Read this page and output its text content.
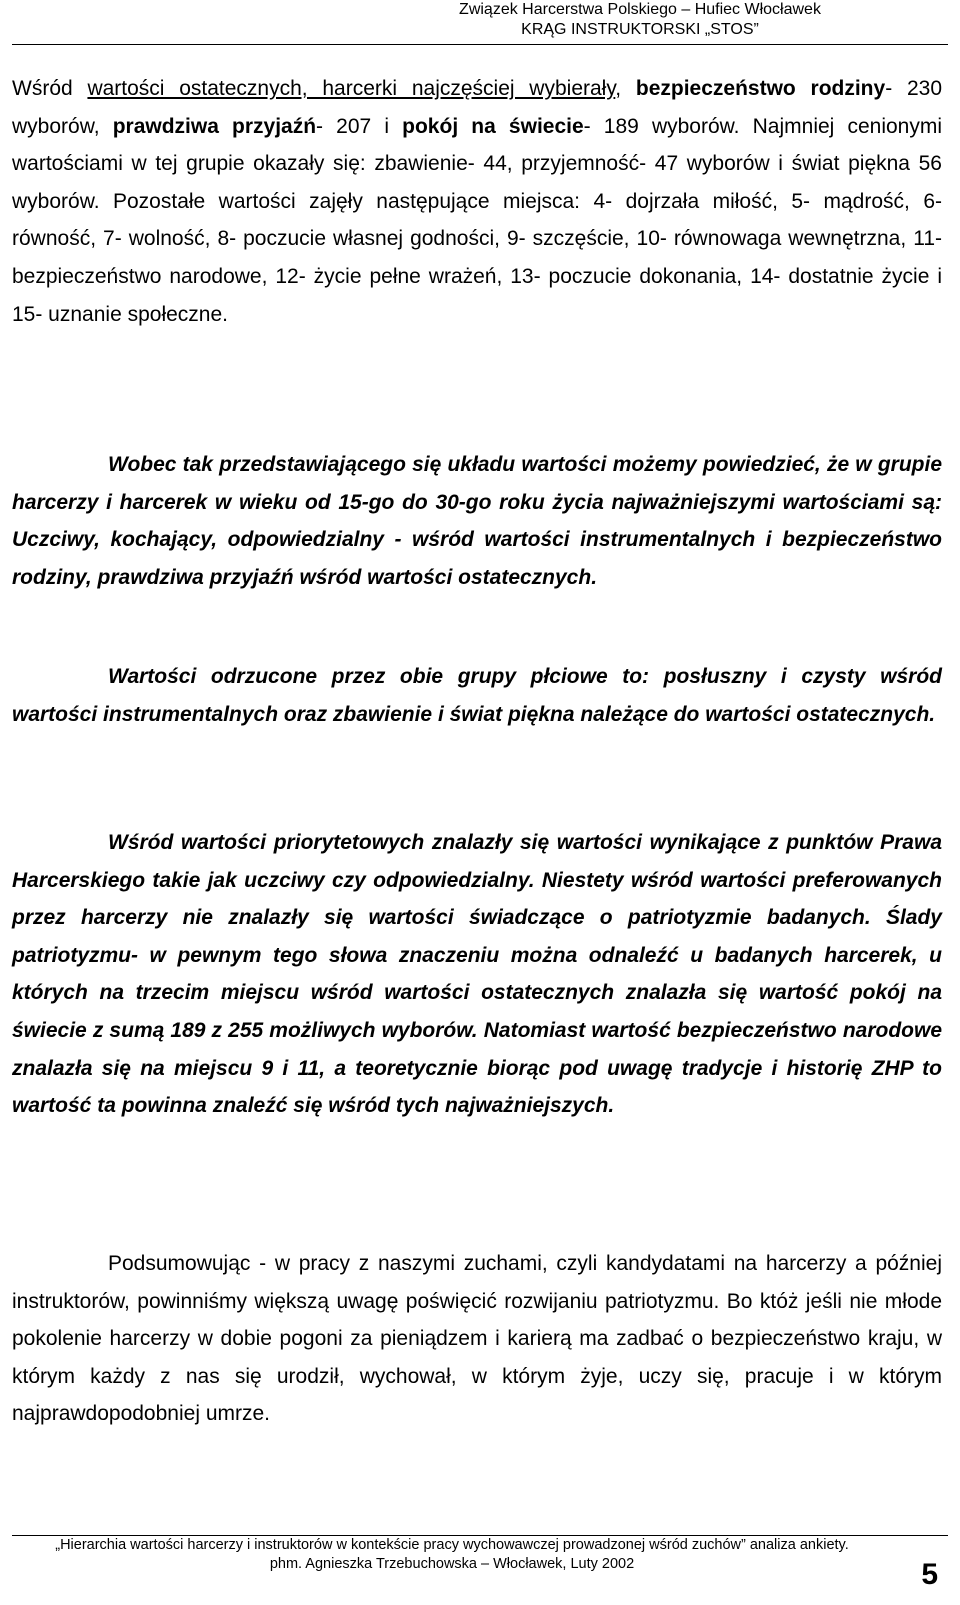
Związek Harcerstwa Polskiego – Hufiec Włocławek
KRĄG INSTRUKTORSKI „STOS”

Wśród wartości ostatecznych, harcerki najczęściej wybierały, bezpieczeństwo rodziny- 230 wyborów, prawdziwa przyjaźń- 207 i pokój na świecie- 189 wyborów. Najmniej cenionymi wartościami w tej grupie okazały się: zbawienie- 44, przyjemność- 47 wyborów i świat piękna 56 wyborów. Pozostałe wartości zajęły następujące miejsca: 4- dojrzała miłość, 5- mądrość, 6- równość, 7- wolność, 8- poczucie własnej godności, 9- szczęście, 10- równowaga wewnętrzna, 11- bezpieczeństwo narodowe, 12- życie pełne wrażeń, 13- poczucie dokonania, 14- dostatnie życie i 15- uznanie społeczne.

Wobec tak przedstawiającego się układu wartości możemy powiedzieć, że w grupie harcerzy i harcerek w wieku od 15-go do 30-go roku życia najważniejszymi wartościami są: Uczciwy, kochający, odpowiedzialny - wśród wartości instrumentalnych i bezpieczeństwo rodziny, prawdziwa przyjaźń wśród wartości ostatecznych.

Wartości odrzucone przez obie grupy płciowe to: posłuszny i czysty wśród wartości instrumentalnych oraz zbawienie i świat piękna należące do wartości ostatecznych.

Wśród wartości priorytetowych znalazły się wartości wynikające z punktów Prawa Harcerskiego takie jak uczciwy czy odpowiedzialny. Niestety wśród wartości preferowanych przez harcerzy nie znalazły się wartości świadczące o patriotyzmie badanych. Ślady patriotyzmu- w pewnym tego słowa znaczeniu można odnaleźć u badanych harcerek, u których na trzecim miejscu wśród wartości ostatecznych znalazła się wartość pokój na świecie z sumą 189 z 255 możliwych wyborów. Natomiast wartość bezpieczeństwo narodowe znalazła się na miejscu 9 i 11, a teoretycznie biorąc pod uwagę tradycje i historię ZHP to wartość ta powinna znaleźć się wśród tych najważniejszych.

Podsumowując - w pracy z naszymi zuchami, czyli kandydatami na harcerzy a później instruktorów, powinniśmy większą uwagę poświęcić rozwijaniu patriotyzmu. Bo któż jeśli nie młode pokolenie harcerzy w dobie pogoni za pieniądzem i karierą ma zadbać o bezpieczeństwo kraju, w którym każdy z nas się urodził, wychował, w którym żyje, uczy się, pracuje i w którym najprawdopodobniej umrze.

„Hierarchia wartości harcerzy i instruktorów w kontekście pracy wychowawczej prowadzonej wśród zuchów” analiza ankiety.
phm. Agnieszka Trzebuchowska – Włocławek, Luty 2002	5
